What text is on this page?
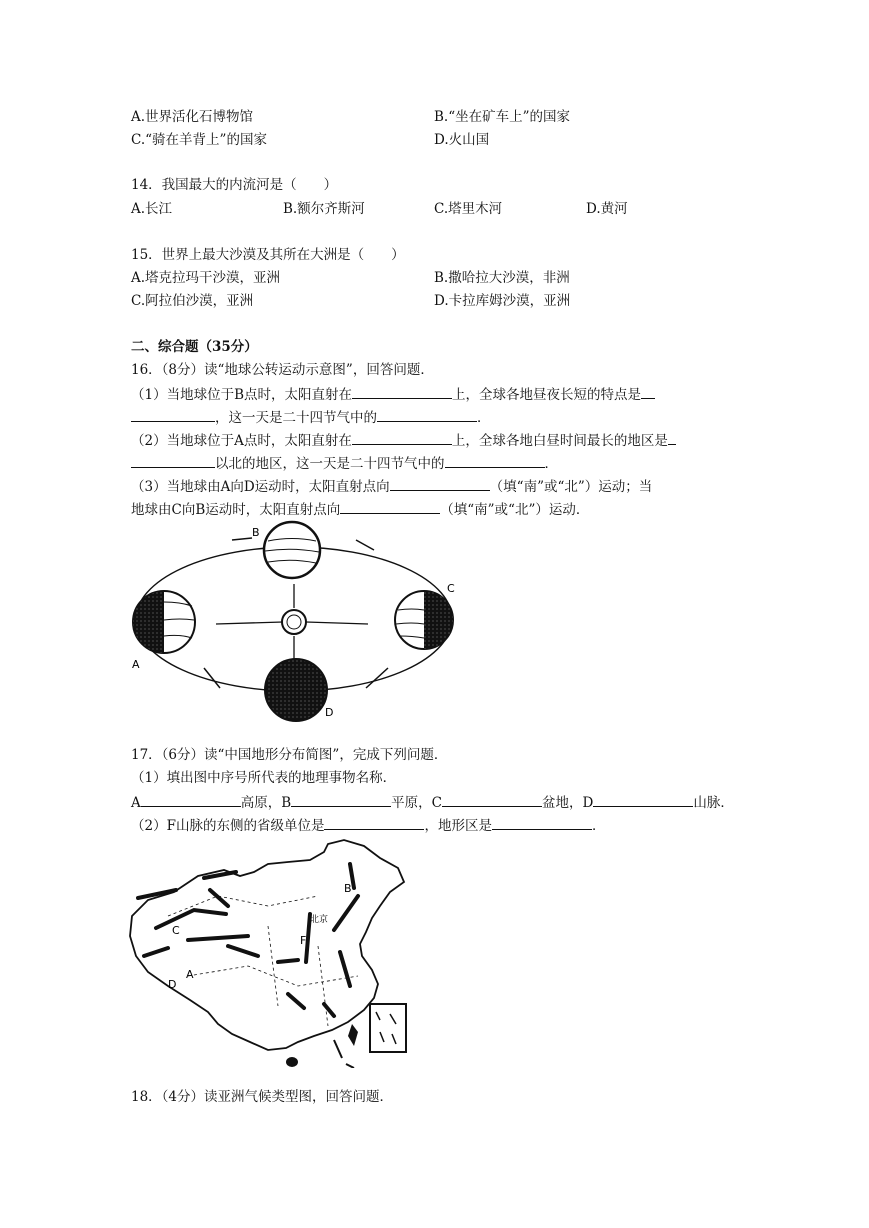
A.世界活化石博物馆	B.“坐在矿车上”的国家
C.“骑在羊背上”的国家	D.火山国
14．我国最大的内流河是（　　）
A.长江	B.额尔齐斯河	C.塔里木河	D.黄河
15．世界上最大沙漠及其所在大洲是（　　）
A.塔克拉玛干沙漠，亚洲	B.撒哈拉大沙漠，非洲
C.阿拉伯沙漠，亚洲	D.卡拉库姆沙漠，亚洲
二、综合题（35分）
16．（8分）读“地球公转运动示意图”，回答问题．
（1）当地球位于B点时，太阳直射在	上，全球各地昼夜长短的特点是
，这一天是二十四节气中的	．
（2）当地球位于A点时，太阳直射在	上，全球各地白昼时间最长的地区是
以北的地区，这一天是二十四节气中的	．
（3）当地球由A向D运动时，太阳直射点向	（填“南”或“北”）运动；当
地球由C向B运动时，太阳直射点向	（填“南”或“北”）运动．
B
A
C
D
17．（6分）读“中国地形分布简图”，完成下列问题．
（1）填出图中序号所代表的地理事物名称．
A	高原，B	平原，C	盆地，D	山脉．
（2）F山脉的东侧的省级单位是	，地形区是	．
C
A
D
B
F
北京
18．（4分）读亚洲气候类型图，回答问题．
